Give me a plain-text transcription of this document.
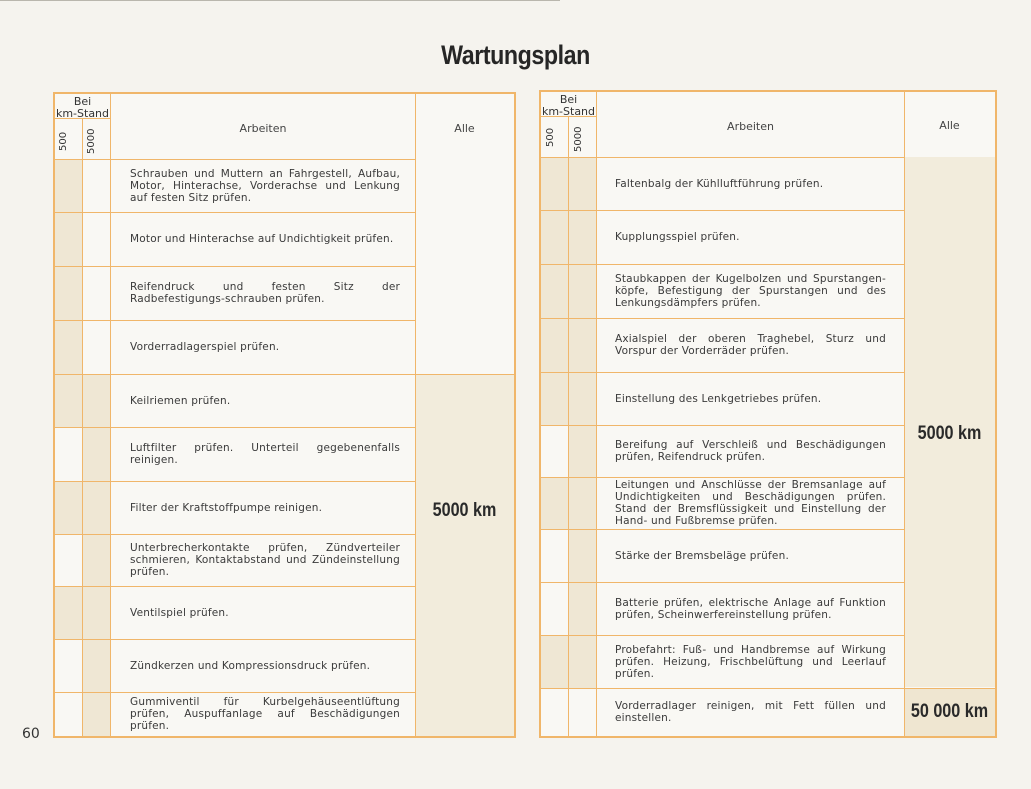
Wartungsplan
Bei
km-Stand
500 5000
Arbeiten	Alle
Schrauben und Muttern an Fahrgestell, Aufbau, Motor, Hinterachse, Vorderachse und Lenkung auf festen Sitz prüfen.
Motor und Hinterachse auf Undichtigkeit prüfen.
Reifendruck und festen Sitz der Radbefestigungs-schrauben prüfen.
Vorderradlagerspiel prüfen.
Keilriemen prüfen.
Luftfilter prüfen. Unterteil gegebenenfalls reinigen.
Filter der Kraftstoffpumpe reinigen.
Unterbrecherkontakte prüfen, Zündverteiler schmieren, Kontaktabstand und Zündeinstellung prüfen.
Ventilspiel prüfen.
Zündkerzen und Kompressionsdruck prüfen.
Gummiventil für Kurbelgehäuseentlüftung prüfen, Auspuffanlage auf Beschädigungen prüfen.
5000 km
Bei
km-Stand
500 5000
Arbeiten	Alle
Faltenbalg der Kühlluftführung prüfen.
Kupplungsspiel prüfen.
Staubkappen der Kugelbolzen und Spurstangen-köpfe, Befestigung der Spurstangen und des Lenkungsdämpfers prüfen.
Axialspiel der oberen Traghebel, Sturz und Vorspur der Vorderräder prüfen.
Einstellung des Lenkgetriebes prüfen.
Bereifung auf Verschleiß und Beschädigungen prüfen, Reifendruck prüfen.
Leitungen und Anschlüsse der Bremsanlage auf Undichtigkeiten und Beschädigungen prüfen. Stand der Bremsflüssigkeit und Einstellung der Hand- und Fußbremse prüfen.
Stärke der Bremsbeläge prüfen.
Batterie prüfen, elektrische Anlage auf Funktion prüfen, Scheinwerfereinstellung prüfen.
Probefahrt: Fuß- und Handbremse auf Wirkung prüfen. Heizung, Frischbelüftung und Leerlauf prüfen.
Vorderradlager reinigen, mit Fett füllen und einstellen.
5000 km
50 000 km
60
